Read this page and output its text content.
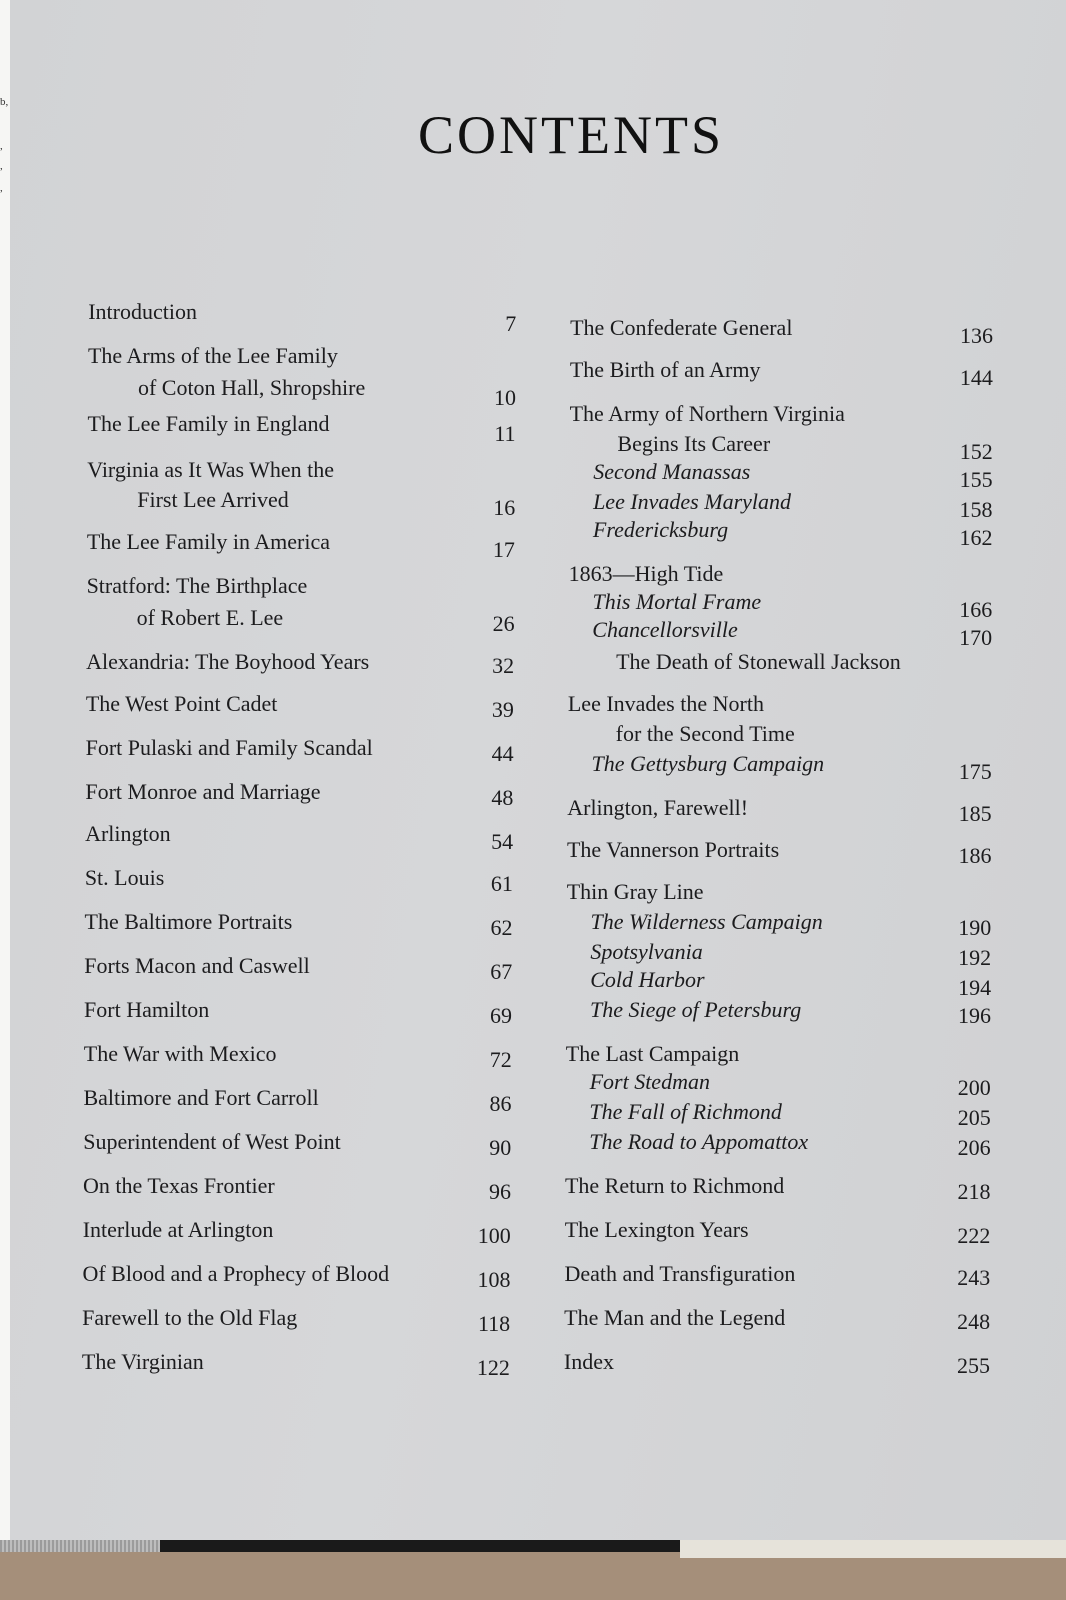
CONTENTS
Introduction	7
The Arms of the Lee Family
of Coton Hall, Shropshire	10
The Lee Family in England	11
Virginia as It Was When the
First Lee Arrived	16
The Lee Family in America	17
Stratford: The Birthplace
of Robert E. Lee	26
Alexandria: The Boyhood Years	32
The West Point Cadet	39
Fort Pulaski and Family Scandal	44
Fort Monroe and Marriage	48
Arlington	54
St. Louis	61
The Baltimore Portraits	62
Forts Macon and Caswell	67
Fort Hamilton	69
The War with Mexico	72
Baltimore and Fort Carroll	86
Superintendent of West Point	90
On the Texas Frontier	96
Interlude at Arlington	100
Of Blood and a Prophecy of Blood	108
Farewell to the Old Flag	118
The Virginian	122
The Confederate General	136
The Birth of an Army	144
The Army of Northern Virginia
Begins Its Career	152
Second Manassas	155
Lee Invades Maryland	158
Fredericksburg	162
1863—High Tide
This Mortal Frame	166
Chancellorsville	170
The Death of Stonewall Jackson
Lee Invades the North
for the Second Time
The Gettysburg Campaign	175
Arlington, Farewell!	185
The Vannerson Portraits	186
Thin Gray Line
The Wilderness Campaign	190
Spotsylvania	192
Cold Harbor	194
The Siege of Petersburg	196
The Last Campaign
Fort Stedman	200
The Fall of Richmond	205
The Road to Appomattox	206
The Return to Richmond	218
The Lexington Years	222
Death and Transfiguration	243
The Man and the Legend	248
Index	255
b,
,
,
,
